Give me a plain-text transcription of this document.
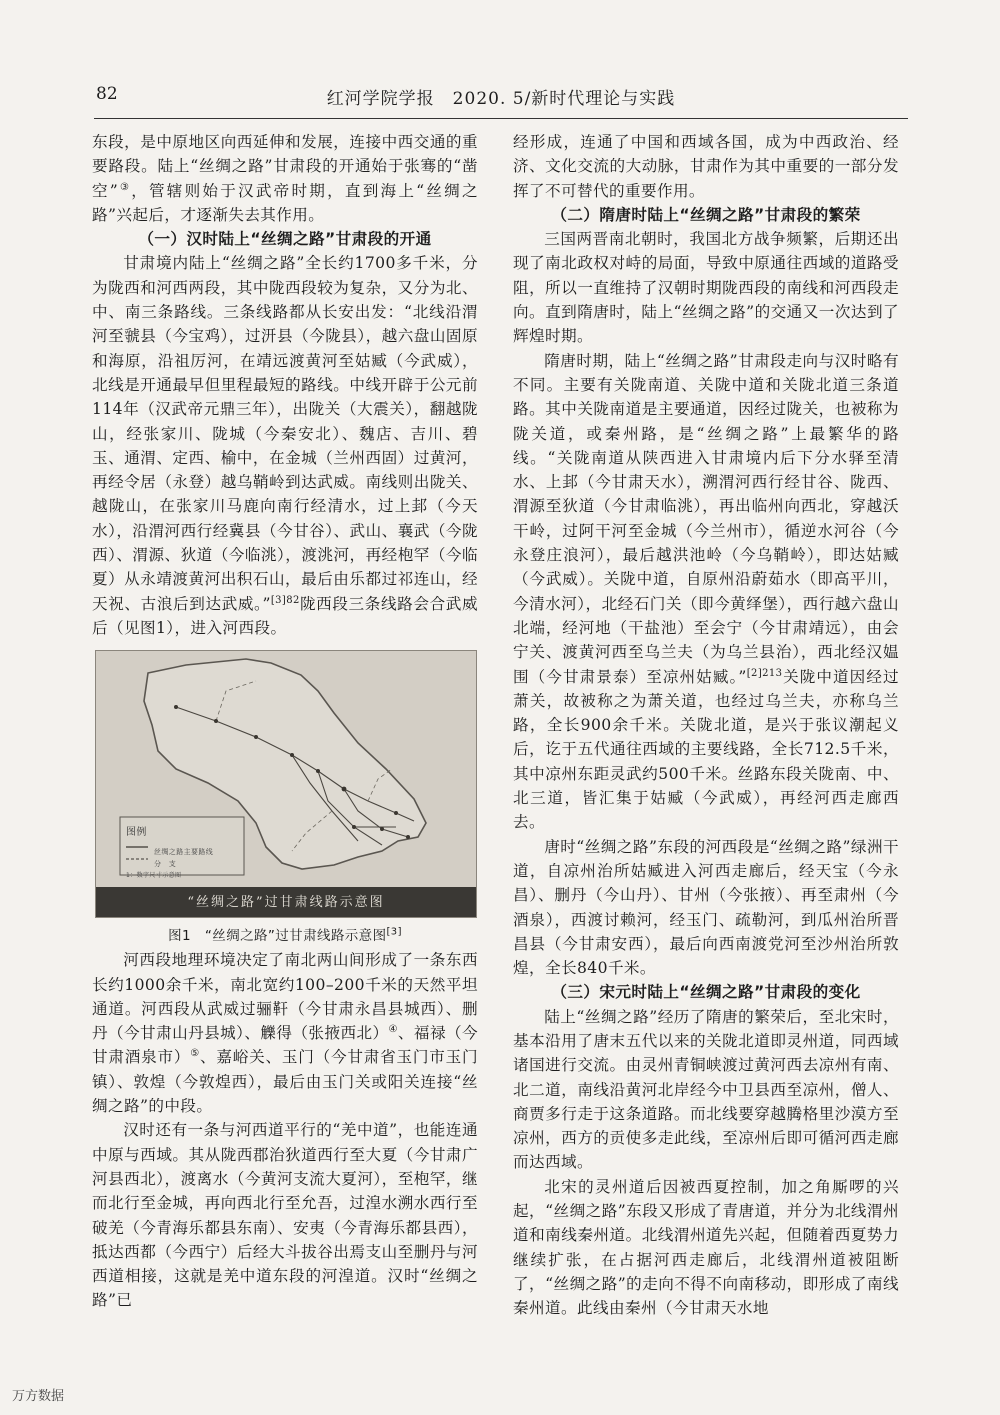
82	红河学院学报　2020. 5/新时代理论与实践

东段，是中原地区向西延伸和发展，连接中西交通的重要路段。陆上“丝绸之路”甘肃段的开通始于张骞的“凿空”③，管辖则始于汉武帝时期，直到海上“丝绸之路”兴起后，才逐渐失去其作用。

（一）汉时陆上“丝绸之路”甘肃段的开通

甘肃境内陆上“丝绸之路”全长约1700多千米，分为陇西和河西两段，其中陇西段较为复杂，又分为北、中、南三条路线。三条线路都从长安出发：“北线沿渭河至虢县（今宝鸡），过汧县（今陇县），越六盘山固原和海原，沿祖厉河，在靖远渡黄河至姑臧（今武威），北线是开通最早但里程最短的路线。中线开辟于公元前114年（汉武帝元鼎三年），出陇关（大震关），翻越陇山，经张家川、陇城（今秦安北）、魏店、吉川、碧玉、通渭、定西、榆中，在金城（兰州西固）过黄河，再经令居（永登）越乌鞘岭到达武威。南线则出陇关、越陇山，在张家川马鹿向南行经清水，过上邽（今天水），沿渭河西行经冀县（今甘谷）、武山、襄武（今陇西）、渭源、狄道（今临洮），渡洮河，再经枹罕（今临夏）从永靖渡黄河出积石山，最后由乐都过祁连山，经天祝、古浪后到达武威。”$^{[3]82}$陇西段三条线路会合武威后（见图1），进入河西段。

图例
丝绸之路主要路线
分　支
1：数字尺寸示意图
“丝绸之路”过甘肃线路示意图
图1　“丝绸之路”过甘肃线路示意图[3]

河西段地理环境决定了南北两山间形成了一条东西长约1000余千米，南北宽约100–200千米的天然平坦通道。河西段从武威过骊靬（今甘肃永昌县城西）、删丹（今甘肃山丹县城）、觻得（张掖西北）④、福禄（今甘肃酒泉市）⑤、嘉峪关、玉门（今甘肃省玉门市玉门镇）、敦煌（今敦煌西），最后由玉门关或阳关连接“丝绸之路”的中段。

汉时还有一条与河西道平行的“羌中道”，也能连通中原与西域。其从陇西郡治狄道西行至大夏（今甘肃广河县西北），渡离水（今黄河支流大夏河），至枹罕，继而北行至金城，再向西北行至允吾，过湟水溯水西行至破羌（今青海乐都县东南）、安夷（今青海乐都县西），抵达西都（今西宁）后经大斗拔谷出焉支山至删丹与河西道相接，这就是羌中道东段的河湟道。汉时“丝绸之路”已

经形成，连通了中国和西域各国，成为中西政治、经济、文化交流的大动脉，甘肃作为其中重要的一部分发挥了不可替代的重要作用。

（二）隋唐时陆上“丝绸之路”甘肃段的繁荣

三国两晋南北朝时，我国北方战争频繁，后期还出现了南北政权对峙的局面，导致中原通往西域的道路受阻，所以一直维持了汉朝时期陇西段的南线和河西段走向。直到隋唐时，陆上“丝绸之路”的交通又一次达到了辉煌时期。

隋唐时期，陆上“丝绸之路”甘肃段走向与汉时略有不同。主要有关陇南道、关陇中道和关陇北道三条道路。其中关陇南道是主要通道，因经过陇关，也被称为陇关道，或秦州路，是“丝绸之路”上最繁华的路线。“关陇南道从陕西进入甘肃境内后下分水驿至清水、上邽（今甘肃天水），溯渭河西行经甘谷、陇西、渭源至狄道（今甘肃临洮），再出临州向西北，穿越沃干岭，过阿干河至金城（今兰州市），循逆水河谷（今永登庄浪河），最后越洪池岭（今乌鞘岭），即达姑臧（今武威）。关陇中道，自原州沿蔚茹水（即高平川，今清水河），北经石门关（即今黄绎堡），西行越六盘山北端，经河地（干盐池）至会宁（今甘肃靖远），由会宁关、渡黄河西至乌兰夫（为乌兰县治），西北经汉媪围（今甘肃景泰）至凉州姑臧。”$^{[2]213}$关陇中道因经过萧关，故被称之为萧关道，也经过乌兰夫，亦称乌兰路，全长900余千米。关陇北道，是兴于张议潮起义后，讫于五代通往西域的主要线路，全长712.5千米，其中凉州东距灵武约500千米。丝路东段关陇南、中、北三道，皆汇集于姑臧（今武威），再经河西走廊西去。

唐时“丝绸之路”东段的河西段是“丝绸之路”绿洲干道，自凉州治所姑臧进入河西走廊后，经天宝（今永昌）、删丹（今山丹）、甘州（今张掖）、再至肃州（今酒泉），西渡讨赖河，经玉门、疏勒河，到瓜州治所晋昌县（今甘肃安西），最后向西南渡党河至沙州治所敦煌，全长840千米。

（三）宋元时陆上“丝绸之路”甘肃段的变化

陆上“丝绸之路”经历了隋唐的繁荣后，至北宋时，基本沿用了唐末五代以来的关陇北道即灵州道，同西域诸国进行交流。由灵州青铜峡渡过黄河西去凉州有南、北二道，南线沿黄河北岸经今中卫县西至凉州，僧人、商贾多行走于这条道路。而北线要穿越腾格里沙漠方至凉州，西方的贡使多走此线，至凉州后即可循河西走廊而达西域。

北宋的灵州道后因被西夏控制，加之角厮啰的兴起，“丝绸之路”东段又形成了青唐道，并分为北线渭州道和南线秦州道。北线渭州道先兴起，但随着西夏势力继续扩张，在占据河西走廊后，北线渭州道被阻断了，“丝绸之路”的走向不得不向南移动，即形成了南线秦州道。此线由秦州（今甘肃天水地

万方数据
